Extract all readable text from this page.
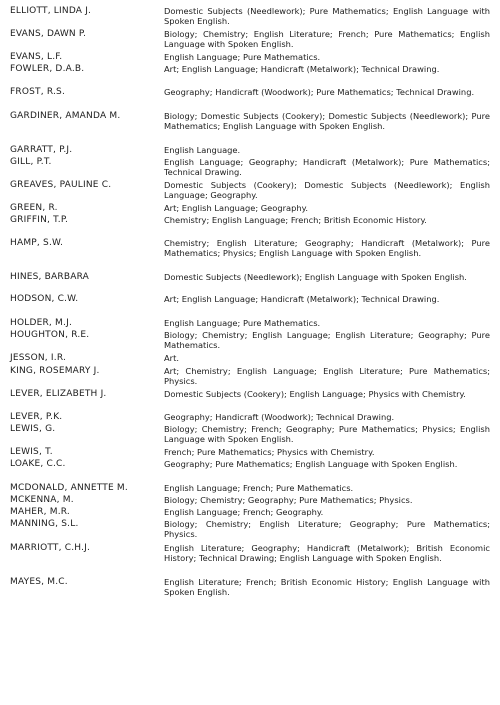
ELLIOTT, LINDA J.	Domestic Subjects (Needlework); Pure Mathematics; English Language with Spoken English.
EVANS, DAWN P.	Biology; Chemistry; English Literature; French; Pure Mathematics; English Language with Spoken English.
EVANS, L.F.	English Language; Pure Mathematics.
FOWLER, D.A.B.	Art; English Language; Handicraft (Metalwork); Technical Drawing.
FROST, R.S.	Geography; Handicraft (Woodwork); Pure Mathematics; Technical Drawing.
GARDINER, AMANDA M.	Biology; Domestic Subjects (Cookery); Domestic Subjects (Needlework); Pure Mathematics; English Language with Spoken English.
GARRATT, P.J.	English Language.
GILL, P.T.	English Language; Geography; Handicraft (Metalwork); Pure Mathematics; Technical Drawing.
GREAVES, PAULINE C.	Domestic Subjects (Cookery); Domestic Subjects (Needlework); English Language; Geography.
GREEN, R.	Art; English Language; Geography.
GRIFFIN, T.P.	Chemistry; English Language; French; British Economic History.
HAMP, S.W.	Chemistry; English Literature; Geography; Handicraft (Metalwork); Pure Mathematics; Physics; English Language with Spoken English.
HINES, BARBARA	Domestic Subjects (Needlework); English Language with Spoken English.
HODSON, C.W.	Art; English Language; Handicraft (Metalwork); Technical Drawing.
HOLDER, M.J.	English Language; Pure Mathematics.
HOUGHTON, R.E.	Biology; Chemistry; English Language; English Literature; Geography; Pure Mathematics.
JESSON, I.R.	Art.
KING, ROSEMARY J.	Art; Chemistry; English Language; English Literature; Pure Mathematics; Physics.
LEVER, ELIZABETH J.	Domestic Subjects (Cookery); English Language; Physics with Chemistry.
LEVER, P.K.	Geography; Handicraft (Woodwork); Technical Drawing.
LEWIS, G.	Biology; Chemistry; French; Geography; Pure Mathematics; Physics; English Language with Spoken English.
LEWIS, T.	French; Pure Mathematics; Physics with Chemistry.
LOAKE, C.C.	Geography; Pure Mathematics; English Language with Spoken English.
MCDONALD, ANNETTE M.	English Language; French; Pure Mathematics.
MCKENNA, M.	Biology; Chemistry; Geography; Pure Mathematics; Physics.
MAHER, M.R.	English Language; French; Geography.
MANNING, S.L.	Biology; Chemistry; English Literature; Geography; Pure Mathematics; Physics.
MARRIOTT, C.H.J.	English Literature; Geography; Handicraft (Metalwork); British Economic History; Technical Drawing; English Language with Spoken English.
MAYES, M.C.	English Literature; French; British Economic History; English Language with Spoken English.
